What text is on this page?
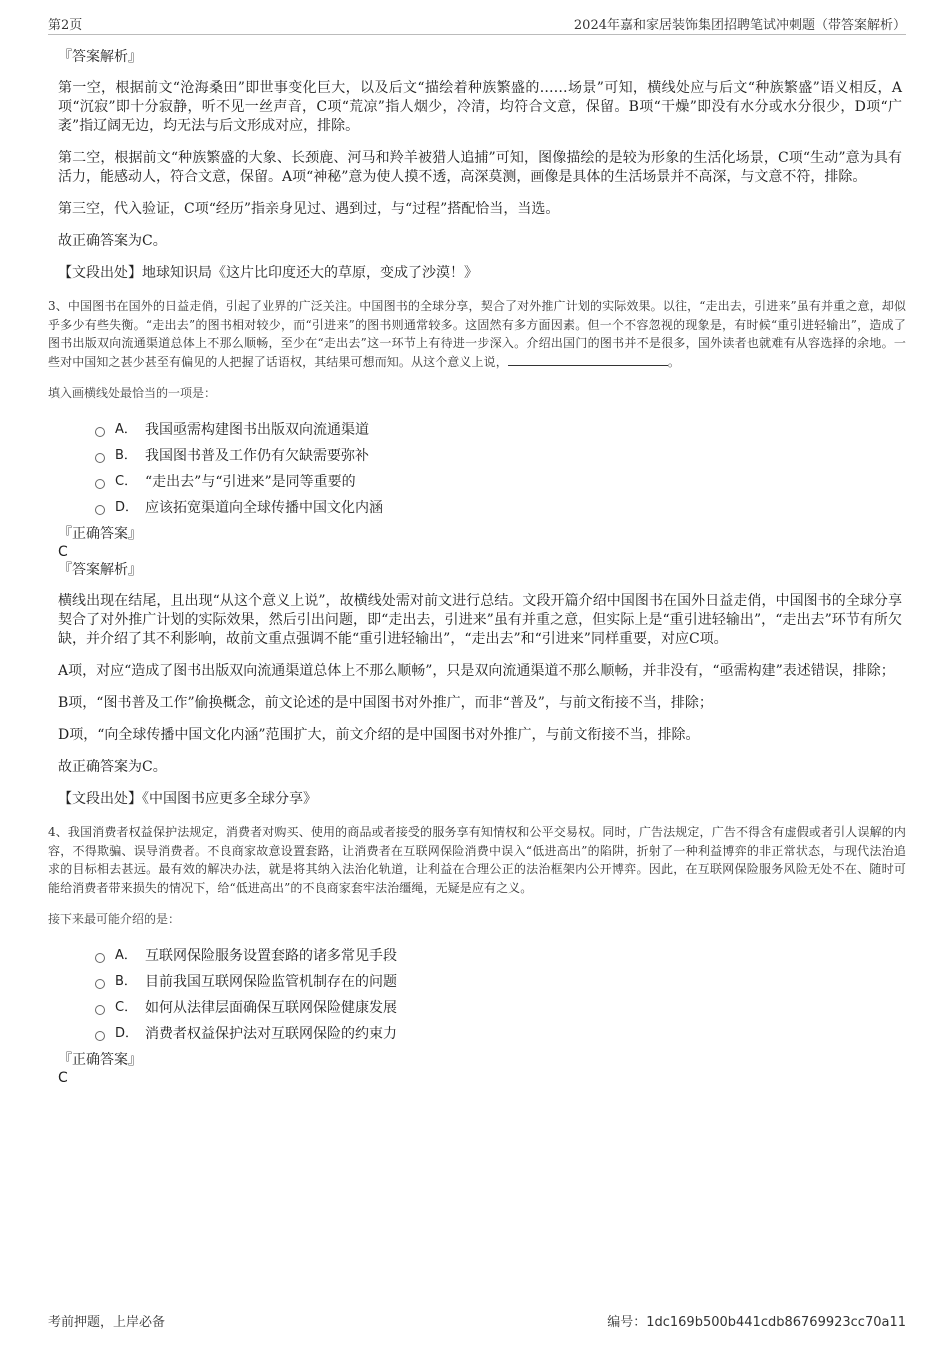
第2页	2024年嘉和家居装饰集团招聘笔试冲刺题（带答案解析）
『答案解析』

第一空，根据前文“沧海桑田”即世事变化巨大，以及后文“描绘着种族繁盛的……场景”可知，横线处应与后文“种族繁盛”语义相反，A项“沉寂”即十分寂静，听不见一丝声音，C项“荒凉”指人烟少，冷清，均符合文意，保留。B项“干燥”即没有水分或水分很少，D项“广袤”指辽阔无边，均无法与后文形成对应，排除。

第二空，根据前文“种族繁盛的大象、长颈鹿、河马和羚羊被猎人追捕”可知，图像描绘的是较为形象的生活化场景，C项“生动”意为具有活力，能感动人，符合文意，保留。A项“神秘”意为使人摸不透，高深莫测，画像是具体的生活场景并不高深，与文意不符，排除。

第三空，代入验证，C项“经历”指亲身见过、遇到过，与“过程”搭配恰当，当选。

故正确答案为C。

【文段出处】地球知识局《这片比印度还大的草原，变成了沙漠！》

3、中国图书在国外的日益走俏，引起了业界的广泛关注。中国图书的全球分享，契合了对外推广计划的实际效果。以往，“走出去，引进来”虽有并重之意，却似乎多少有些失衡。“走出去”的图书相对较少，而“引进来”的图书则通常较多。这固然有多方面因素。但一个不容忽视的现象是，有时候“重引进轻输出”，造成了图书出版双向流通渠道总体上不那么顺畅，至少在“走出去”这一环节上有待进一步深入。介绍出国门的图书并不是很多，国外读者也就难有从容选择的余地。一些对中国知之甚少甚至有偏见的人把握了话语权，其结果可想而知。从这个意义上说，	。

填入画横线处最恰当的一项是：

A． 我国亟需构建图书出版双向流通渠道
B． 我国图书普及工作仍有欠缺需要弥补
C． “走出去”与“引进来”是同等重要的
D． 应该拓宽渠道向全球传播中国文化内涵
『正确答案』
C
『答案解析』

横线出现在结尾，且出现“从这个意义上说”，故横线处需对前文进行总结。文段开篇介绍中国图书在国外日益走俏，中国图书的全球分享契合了对外推广计划的实际效果，然后引出问题，即“走出去，引进来”虽有并重之意，但实际上是“重引进轻输出”，“走出去”环节有所欠缺，并介绍了其不利影响，故前文重点强调不能“重引进轻输出”，“走出去”和“引进来”同样重要，对应C项。

A项，对应“造成了图书出版双向流通渠道总体上不那么顺畅”，只是双向流通渠道不那么顺畅，并非没有，“亟需构建”表述错误，排除；

B项，“图书普及工作”偷换概念，前文论述的是中国图书对外推广，而非“普及”，与前文衔接不当，排除；

D项，“向全球传播中国文化内涵”范围扩大，前文介绍的是中国图书对外推广，与前文衔接不当，排除。

故正确答案为C。

【文段出处】《中国图书应更多全球分享》

4、我国消费者权益保护法规定，消费者对购买、使用的商品或者接受的服务享有知情权和公平交易权。同时，广告法规定，广告不得含有虚假或者引人误解的内容，不得欺骗、误导消费者。不良商家故意设置套路，让消费者在互联网保险消费中误入“低进高出”的陷阱，折射了一种利益博弈的非正常状态，与现代法治追求的目标相去甚远。最有效的解决办法，就是将其纳入法治化轨道，让利益在合理公正的法治框架内公开博弈。因此，在互联网保险服务风险无处不在、随时可能给消费者带来损失的情况下，给“低进高出”的不良商家套牢法治缰绳，无疑是应有之义。

接下来最可能介绍的是：

A． 互联网保险服务设置套路的诸多常见手段
B． 目前我国互联网保险监管机制存在的问题
C． 如何从法律层面确保互联网保险健康发展
D． 消费者权益保护法对互联网保险的约束力
『正确答案』
C
考前押题，上岸必备	编号：1dc169b500b441cdb86769923cc70a11
